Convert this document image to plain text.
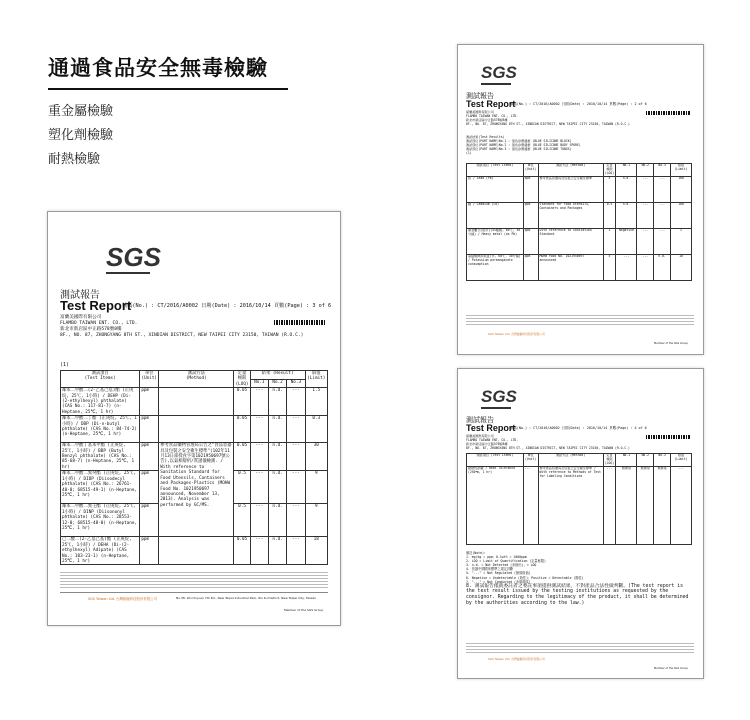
通過食品安全無毒檢驗
重金屬檢驗
塑化劑檢驗
耐熱檢驗
SGS
測試報告
Test Report
號碼(No.) : CT/2016/A0002 日期(Date) : 2016/10/14 頁數(Page) : 3 of 6
富蘭美國際有限公司
FLAMBO TAIWAN ENT. CO., LTD.
新北市新店區中正路578號8樓
8F., NO. 87, ZHONGYANG 8TH ST., XINDIAN DISTRICT, NEW TAIPEI CITY 23150, TAIWAN (R.O.C.)
(1)
測試項目
(Test Items)	單位
(Unit)	測試方法
(Method)	定量
極限
(LOQ)	結果 (Result)			限值
(Limit)
				No.1	No.2	No.3	
鄰苯二甲酸二(2-乙基己基)酯 (正庚烷, 25℃, 1小時) / DEHP (Di-(2-ethylhexyl) phthalate) (CAS No.: 117-81-7) (n-Heptane, 25℃, 1 hr)	ppm		0.05	---	n.d.	---	1.5
鄰苯二甲酸二丁酯 (正庚烷, 25℃, 1小時) / DBP (Di-n-butyl phthalate) (CAS No.: 84-74-2) (n-Heptane, 25℃, 1 hr)	ppm		0.05	---	n.d.	---	0.3
鄰苯二甲酸丁基苯甲酯 (正庚烷, 25℃, 1小時) / BBP (Butyl Benzyl phthalate) (CAS No.: 85-68-7) (n-Heptane, 25℃, 1 hr)	ppm	參考食品藥物管理局公告之"食品容器具及包裝之安全衛生標準"(102年11月13日部授食字第1021950697號公告),以氣相層析/質譜儀檢測. / With reference to Sanitation Standard for Food Utensils, Containers and Packages-Plastics (MOHW Food No. 1021950697 announced, November 13, 2013). Analysis was performed by GC/MS.	0.05	---	n.d.	---	30
鄰苯二甲酸二異癸酯 (正庚烷, 25℃, 1小時) / DIDP (Diisodecyl phthalate) (CAS No.: 26761-40-0; 68515-49-1) (n-Heptane, 25℃, 1 hr)	ppm		0.5	---	n.d.	---	9
鄰苯二甲酸二異壬酯 (正庚烷, 25℃, 1小時) / DINP (Diisononyl phthalate) (CAS No.: 28553-12-0; 68515-48-0) (n-Heptane, 25℃, 1 hr)	ppm		0.5	---	n.d.	---	9
己二酸二(2-乙基己基)酯 (正庚烷, 25℃, 1小時) / DEHA (Di-(2-ethylhexyl) Adipate) (CAS No.: 103-23-1) (n-Heptane, 25℃, 1 hr)	ppm		0.05	---	n.d.	---	18
SGS Taiwan Ltd. 台灣檢驗科技股份有限公司	No.38, Wu Chyuan 7th Rd., New Taipei Industrial Park, Wu Ku District, New Taipei City, Taiwan
Member of the SGS Group
SGS
測試報告
Test Report
號碼(No.) : CT/2016/A0002 日期(Date) : 2016/10/14 頁數(Page) : 2 of 6
富蘭美國際有限公司
FLAMBO TAIWAN ENT. CO., LTD.
新北市新店區中正路578號8樓
8F., NO. 87, ZHONGYANG 8TH ST., XINDIAN DISTRICT, NEW TAIPEI CITY 23150, TAIWAN (R.O.C.)
測試結果(Test Results)
測試部位(PART NAME)No.1 : 黑色矽膠邊框 (BLUE SILICONE BLOCK)
測試部位(PART NAME)No.2 : 黑色矽膠邊框 (BLUE SILICONE BODY SPORE)
測試部位(PART NAME)No.3 : 黑色矽膠邊框 (BLUE SILICONE TONGS)
(1)
測試項目 (Test Items)	單位 (Unit)	測試方法 (Method)	定量 極限 (LOQ)	No.1	No.2	No.3	限值 (Limit)
鉛 / Lead (Pb)	ppm	參考食品容器具及包裝之安全衛生標準	5	n.d.	---	---	100
鎘 / Cadmium (Cd)	ppm	Standard for Food Utensils, Containers and Packages	0.5	n.d.	---	---	100
重金屬(以鉛計)(4%醋酸, 60℃, 30分鐘) / Heavy metal (as Pb)	ppm	with reference to Sanitation Standard	1	Negative	---	---	1
高錳酸鉀消耗量(水, 60℃, 30分鐘) / Potassium permanganate consumption	ppm	MOHW Food No. 1021950697 announced	5	---	---	n.d.	10
SGS Taiwan Ltd. 台灣檢驗科技股份有限公司
Member of the SGS Group
SGS
測試報告
Test Report
號碼(No.) : CT/2016/A0002 日期(Date) : 2016/10/14 頁數(Page) : 4 of 6
富蘭美國際有限公司
FLAMBO TAIWAN ENT. CO., LTD.
新北市新店區中正路578號8樓
8F., NO. 87, ZHONGYANG 8TH ST., XINDIAN DISTRICT, NEW TAIPEI CITY 23150, TAIWAN (R.O.C.)
測試項目 (Test Items)	單位 (Unit)	測試方法 (Method)	定量 極限 (LOQ)	No.1	No.2	No.3	限值 (Limit)
耐熱性試驗 / Heat Tolerance (250℃, 1 hr)	---	參考食品容器具及包裝之安全衛生標準 / With reference to Methods of Test for Labeling Conditions	---	無異常	無異常	無異常	---
備註(Note):
1. mg/kg = ppm；0.1wt% = 1000ppm
2. LOQ = Limit of Quantification (定量極限)
3. n.d. = Not Detected (未檢出)；< LOQ
4. 依據中國國家標準之規定評斷
5. "---" = Not Regulated (無規格值)
6. Negative = Undetectable (陰性)；Positive = Detectable (陽性)
7. "---" = Not Conducted (未做測試)
8. 測試報告僅就委託者之委託事項提供測試結果，不對產品合法性做判斷。(The test report is the test result issued by the testing institutions as requested by the consignor. Regarding to the legitimacy of the product, it shall be determined by the authorities according to the law.)
SGS Taiwan Ltd. 台灣檢驗科技股份有限公司
Member of the SGS Group
